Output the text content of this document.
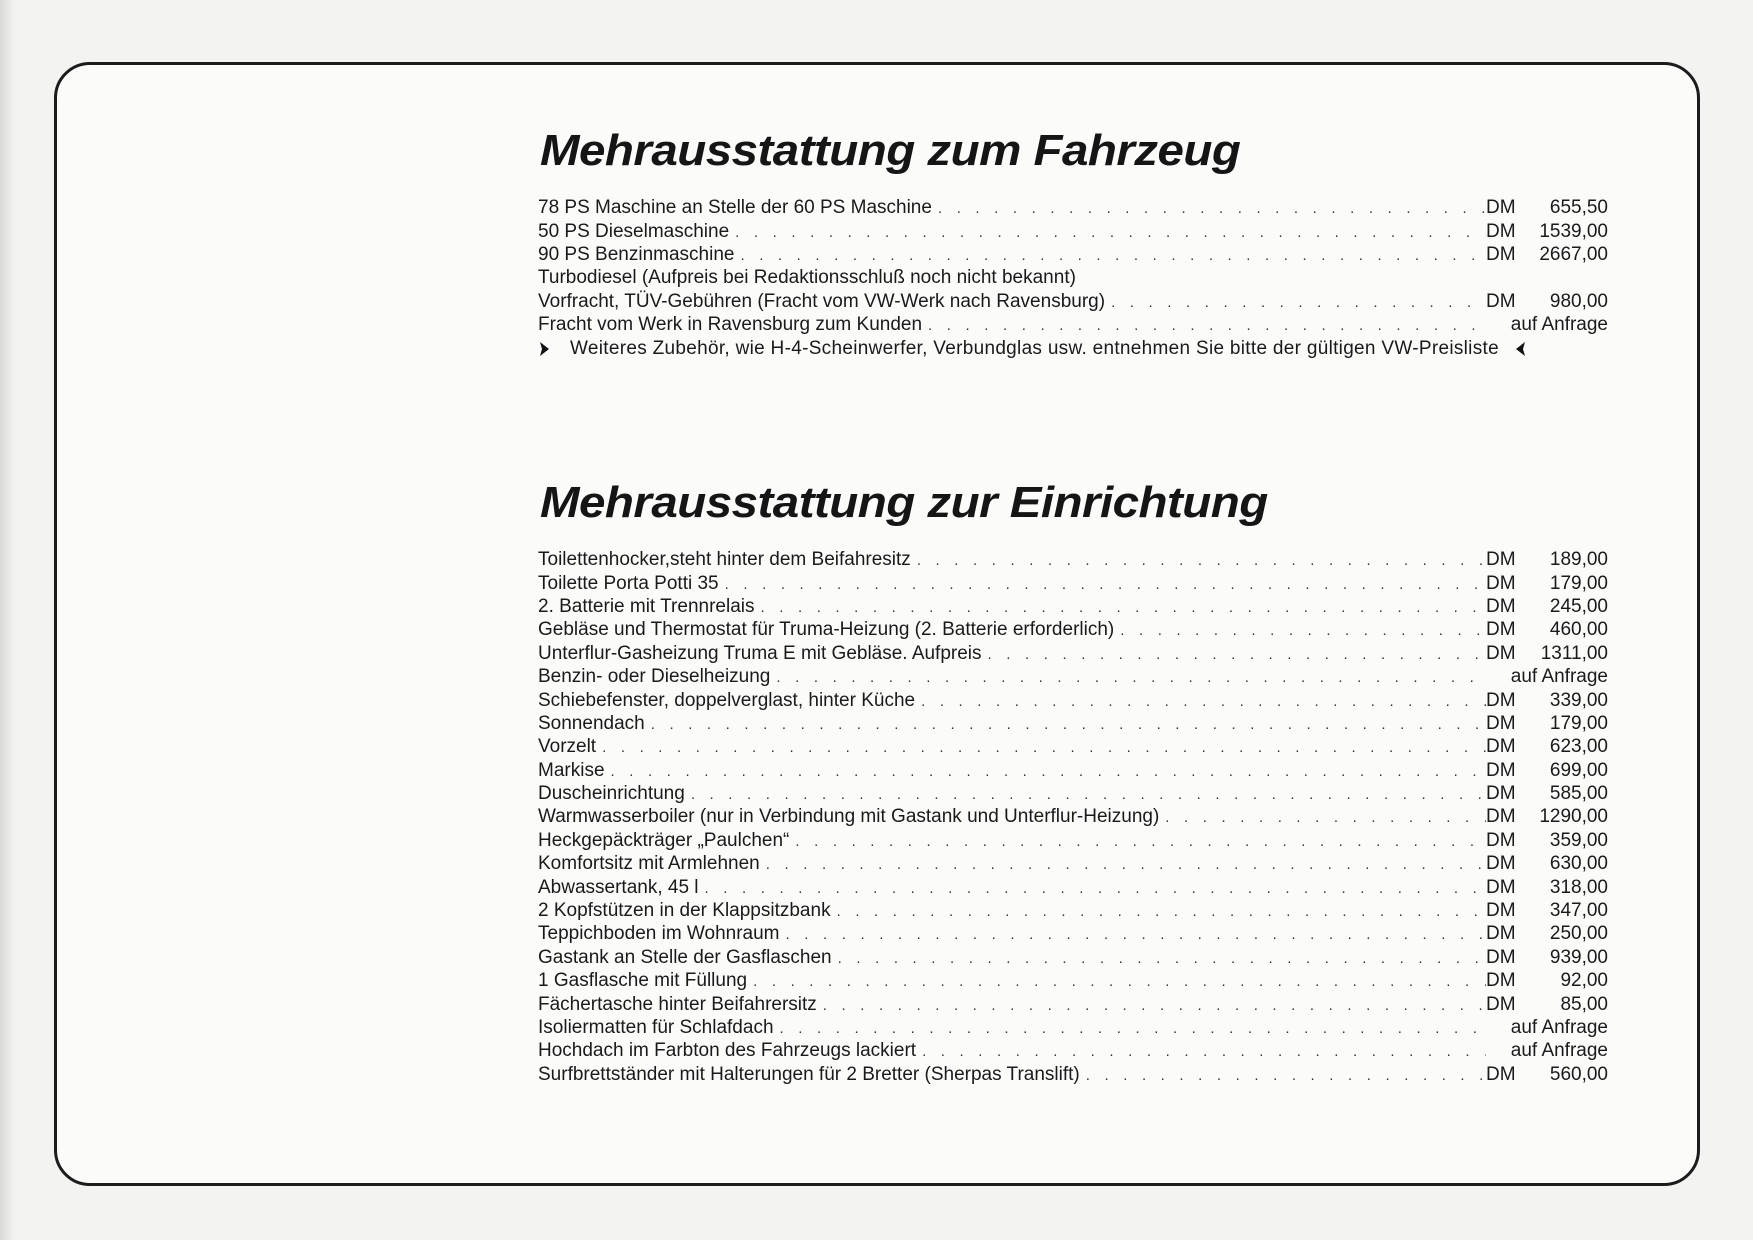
Mehrausstattung zum Fahrzeug
78 PS Maschine an Stelle der 60 PS Maschine . . .	DM	655,50
50 PS Dieselmaschine . . .	DM	1539,00
90 PS Benzinmaschine . . .	DM	2667,00
Turbodiesel (Aufpreis bei Redaktionsschluß noch nicht bekannt)
Vorfracht, TÜV-Gebühren (Fracht vom VW-Werk nach Ravensburg) . . .	DM	980,00
Fracht vom Werk in Ravensburg zum Kunden . . .	auf Anfrage
Weiteres Zubehör, wie H-4-Scheinwerfer, Verbundglas usw. entnehmen Sie bitte der gültigen VW-Preisliste
Mehrausstattung zur Einrichtung
Toilettenhocker,steht hinter dem Beifahresitz . . .	DM	189,00
Toilette Porta Potti 35 . . .	DM	179,00
2. Batterie mit Trennrelais . . .	DM	245,00
Gebläse und Thermostat für Truma-Heizung (2. Batterie erforderlich) . . .	DM	460,00
Unterflur-Gasheizung Truma E mit Gebläse. Aufpreis . . .	DM	1311,00
Benzin- oder Dieselheizung . . .	auf Anfrage
Schiebefenster, doppelverglast, hinter Küche . . .	DM	339,00
Sonnendach . . .	DM	179,00
Vorzelt . . .	DM	623,00
Markise . . .	DM	699,00
Duscheinrichtung . . .	DM	585,00
Warmwasserboiler (nur in Verbindung mit Gastank und Unterflur-Heizung) . . .	DM	1290,00
Heckgepäckträger „Paulchen“ . . .	DM	359,00
Komfortsitz mit Armlehnen . . .	DM	630,00
Abwassertank, 45 l . . .	DM	318,00
2 Kopfstützen in der Klappsitzbank . . .	DM	347,00
Teppichboden im Wohnraum . . .	DM	250,00
Gastank an Stelle der Gasflaschen . . .	DM	939,00
1 Gasflasche mit Füllung . . .	DM	92,00
Fächertasche hinter Beifahrersitz . . .	DM	85,00
Isoliermatten für Schlafdach . . .	auf Anfrage
Hochdach im Farbton des Fahrzeugs lackiert . . .	auf Anfrage
Surfbrettständer mit Halterungen für 2 Bretter (Sherpas Translift) . . .	DM	560,00
